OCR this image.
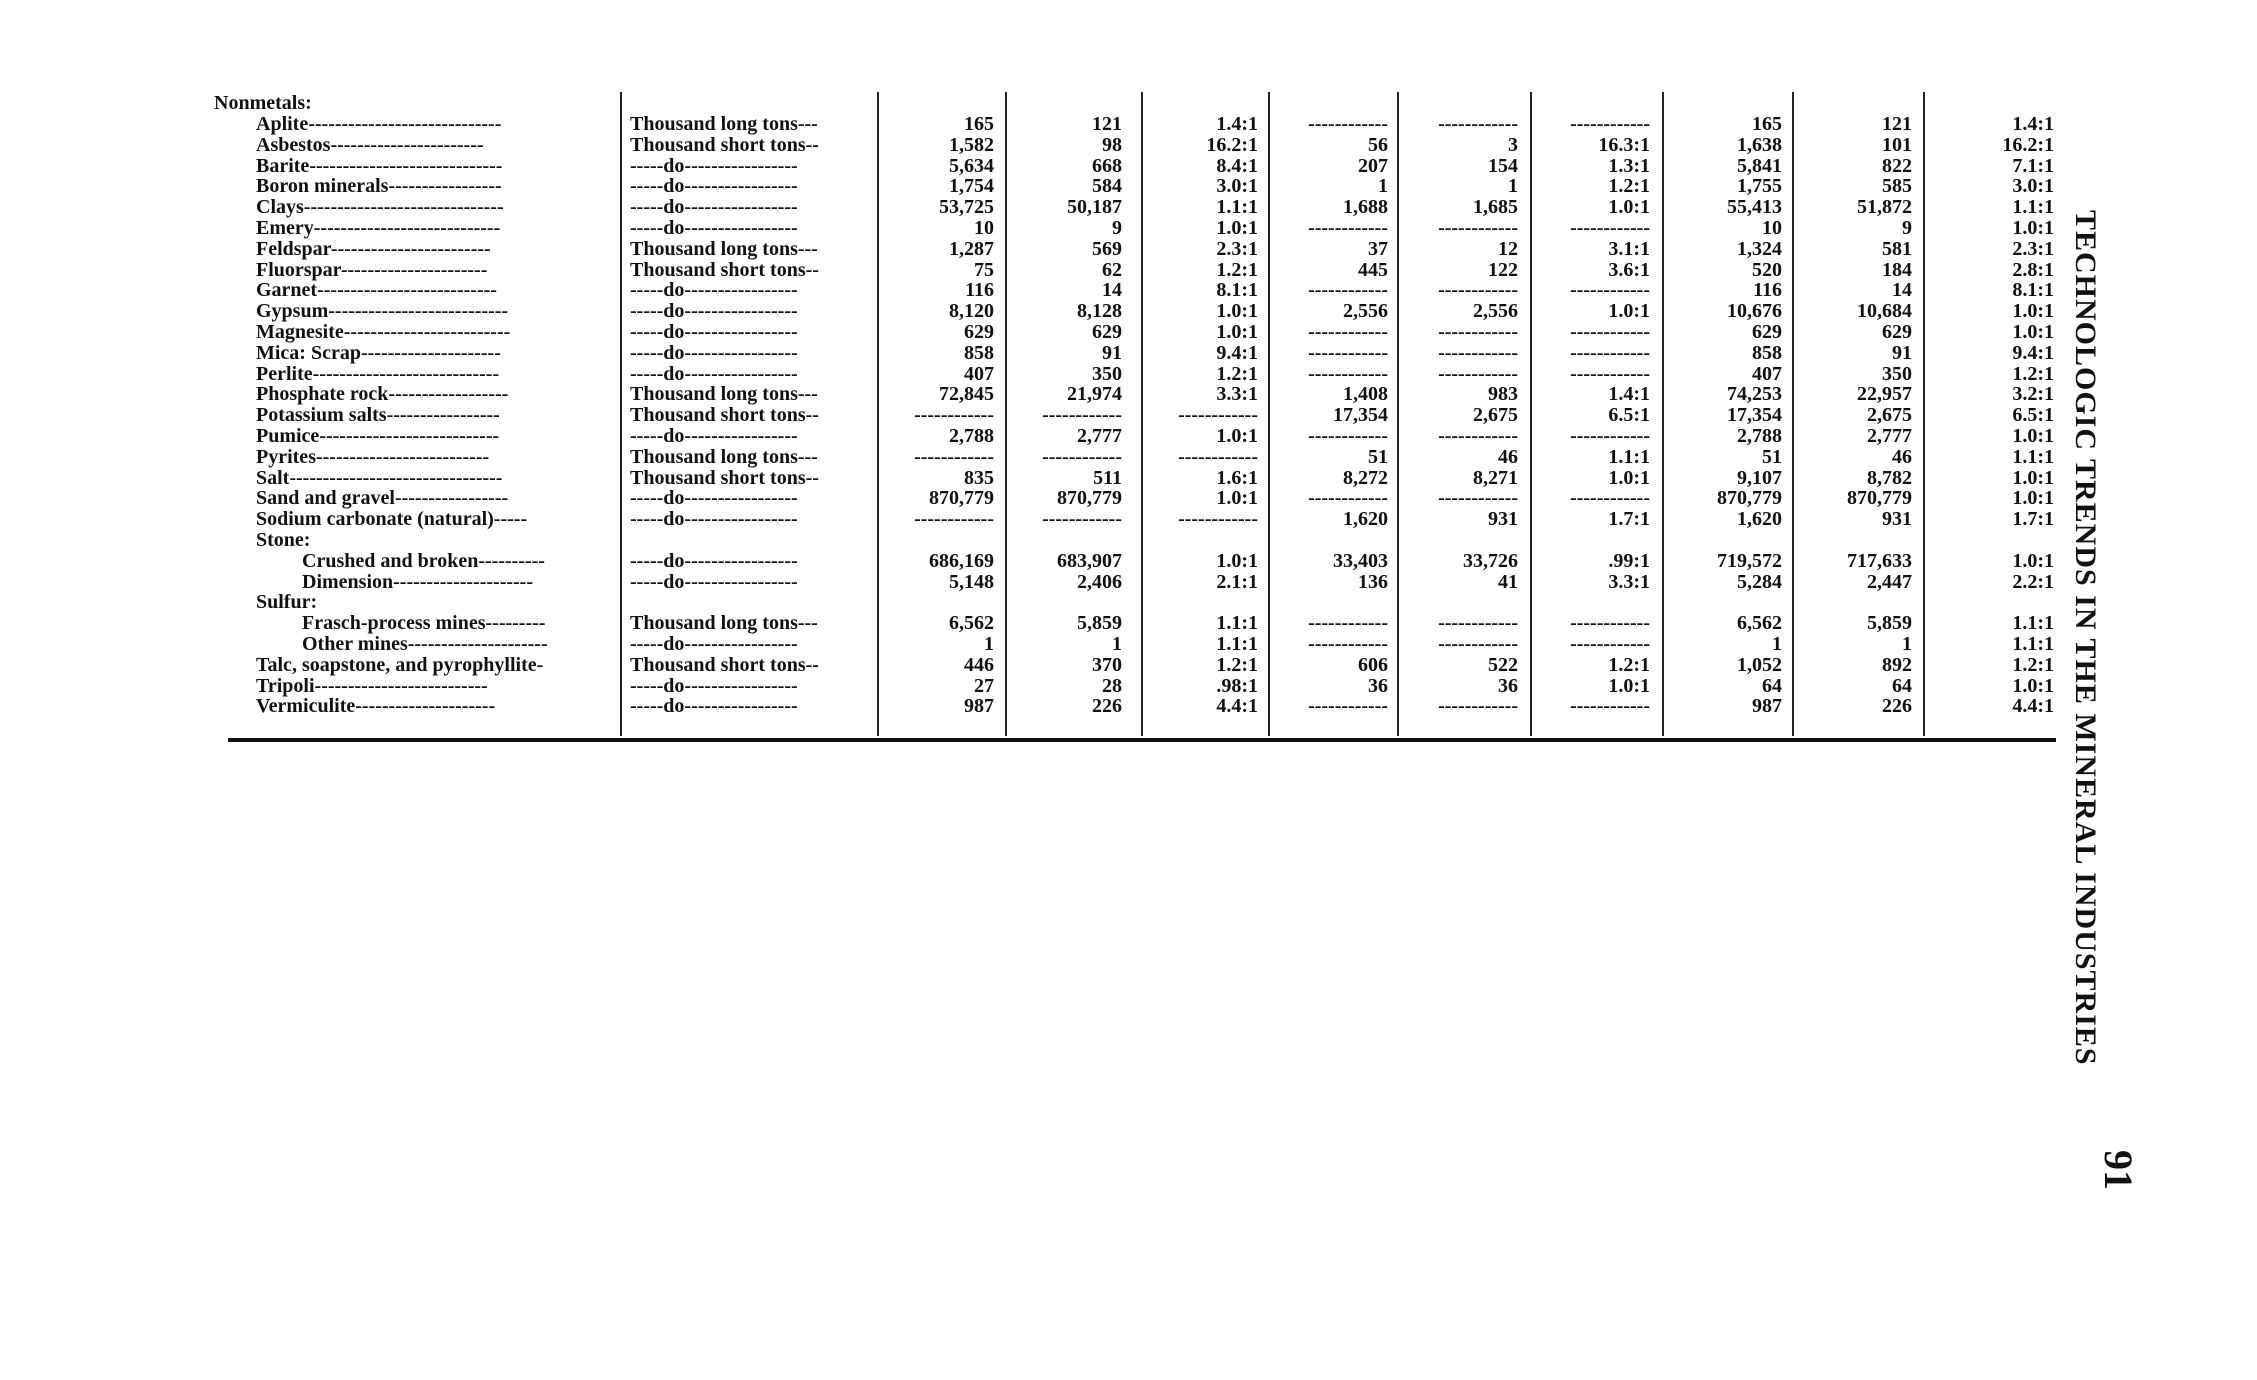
Nonmetals:
Aplite-----------------------------	Thousand long tons---	165	121	1.4:1	------------	------------	------------	165	121	1.4:1
Asbestos-----------------------	Thousand short tons--	1,582	98	16.2:1	56	3	16.3:1	1,638	101	16.2:1
Barite-----------------------------	-----do-----------------	5,634	668	8.4:1	207	154	1.3:1	5,841	822	7.1:1
Boron minerals-----------------	-----do-----------------	1,754	584	3.0:1	1	1	1.2:1	1,755	585	3.0:1
Clays------------------------------	-----do-----------------	53,725	50,187	1.1:1	1,688	1,685	1.0:1	55,413	51,872	1.1:1
Emery----------------------------	-----do-----------------	10	9	1.0:1	------------	------------	------------	10	9	1.0:1
Feldspar------------------------	Thousand long tons---	1,287	569	2.3:1	37	12	3.1:1	1,324	581	2.3:1
Fluorspar----------------------	Thousand short tons--	75	62	1.2:1	445	122	3.6:1	520	184	2.8:1
Garnet---------------------------	-----do-----------------	116	14	8.1:1	------------	------------	------------	116	14	8.1:1
Gypsum---------------------------	-----do-----------------	8,120	8,128	1.0:1	2,556	2,556	1.0:1	10,676	10,684	1.0:1
Magnesite-------------------------	-----do-----------------	629	629	1.0:1	------------	------------	------------	629	629	1.0:1
Mica: Scrap---------------------	-----do-----------------	858	91	9.4:1	------------	------------	------------	858	91	9.4:1
Perlite----------------------------	-----do-----------------	407	350	1.2:1	------------	------------	------------	407	350	1.2:1
Phosphate rock------------------	Thousand long tons---	72,845	21,974	3.3:1	1,408	983	1.4:1	74,253	22,957	3.2:1
Potassium salts-----------------	Thousand short tons--	------------	------------	------------	17,354	2,675	6.5:1	17,354	2,675	6.5:1
Pumice---------------------------	-----do-----------------	2,788	2,777	1.0:1	------------	------------	------------	2,788	2,777	1.0:1
Pyrites--------------------------	Thousand long tons---	------------	------------	------------	51	46	1.1:1	51	46	1.1:1
Salt--------------------------------	Thousand short tons--	835	511	1.6:1	8,272	8,271	1.0:1	9,107	8,782	1.0:1
Sand and gravel-----------------	-----do-----------------	870,779	870,779	1.0:1	------------	------------	------------	870,779	870,779	1.0:1
Sodium carbonate (natural)-----	-----do-----------------	------------	------------	------------	1,620	931	1.7:1	1,620	931	1.7:1
Stone:
Crushed and broken----------	-----do-----------------	686,169	683,907	1.0:1	33,403	33,726	.99:1	719,572	717,633	1.0:1
Dimension---------------------	-----do-----------------	5,148	2,406	2.1:1	136	41	3.3:1	5,284	2,447	2.2:1
Sulfur:
Frasch-process mines---------	Thousand long tons---	6,562	5,859	1.1:1	------------	------------	------------	6,562	5,859	1.1:1
Other mines---------------------	-----do-----------------	1	1	1.1:1	------------	------------	------------	1	1	1.1:1
Talc, soapstone, and pyrophyllite-	Thousand short tons--	446	370	1.2:1	606	522	1.2:1	1,052	892	1.2:1
Tripoli--------------------------	-----do-----------------	27	28	.98:1	36	36	1.0:1	64	64	1.0:1
Vermiculite---------------------	-----do-----------------	987	226	4.4:1	------------	------------	------------	987	226	4.4:1 TECHNOLOGIC TRENDS IN THE MINERAL INDUSTRIES
91
